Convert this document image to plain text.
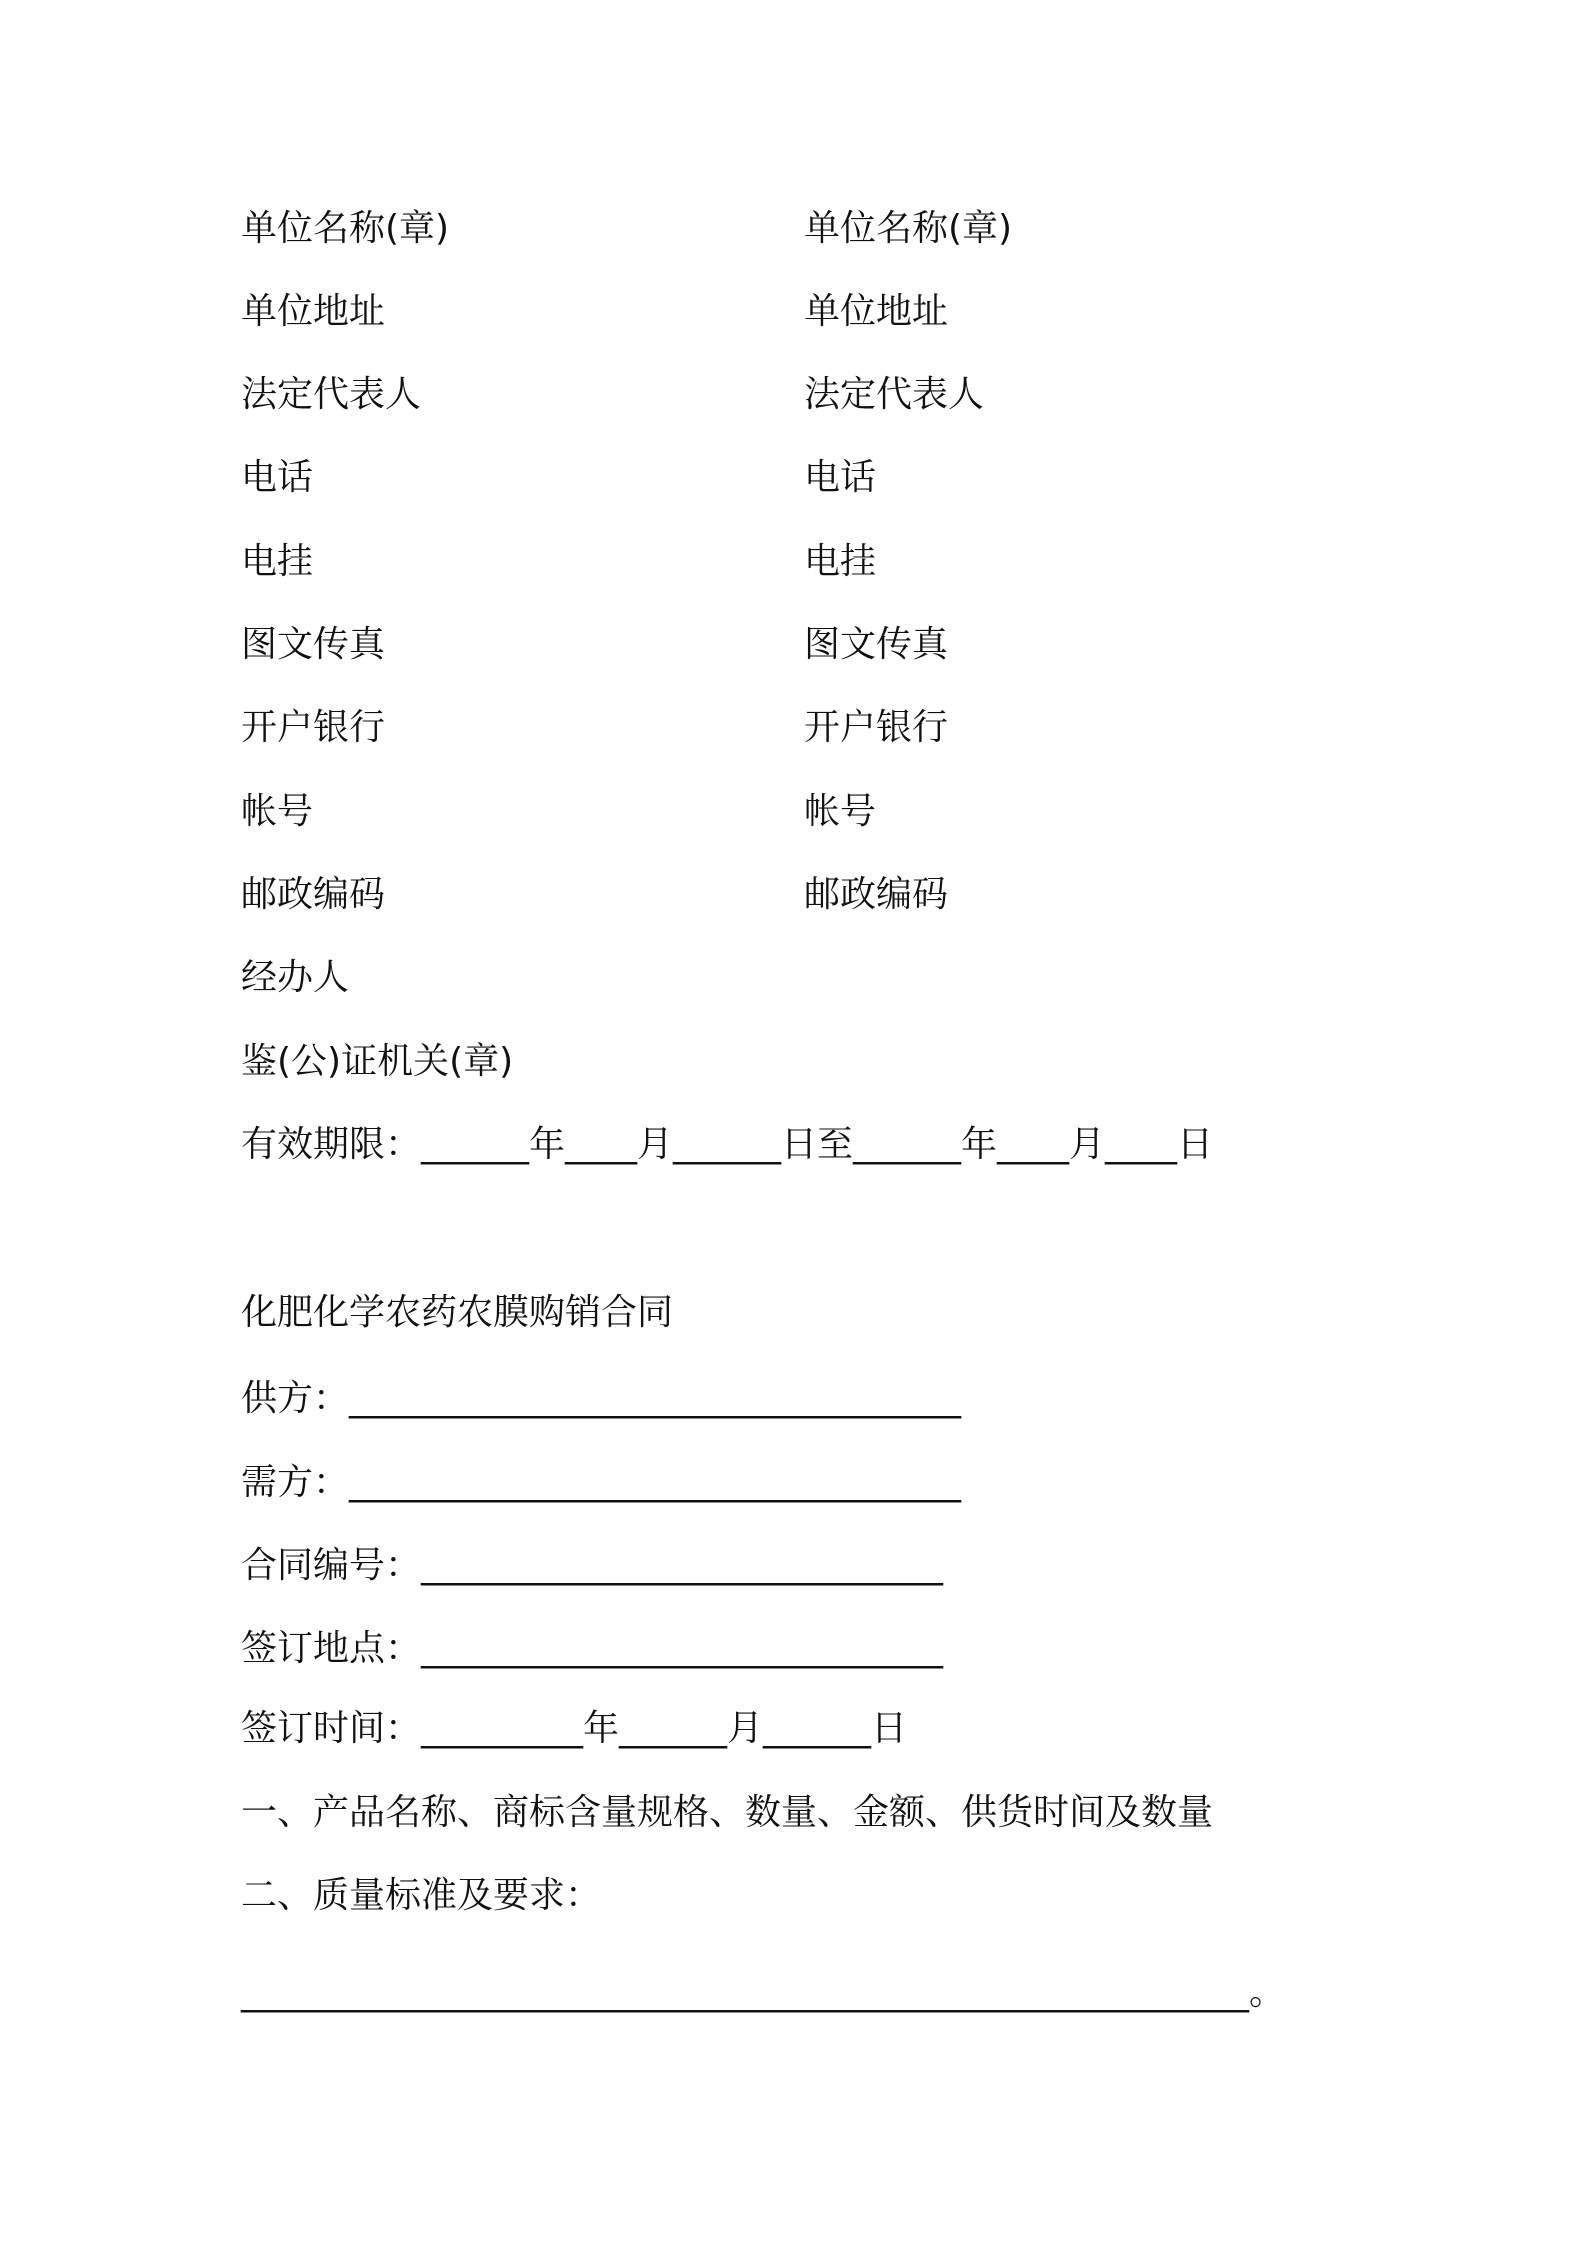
单位名称(章)	单位名称(章)
单位地址	单位地址
法定代表人	法定代表人
电话	电话
电挂	电挂
图文传真	图文传真
开户银行	开户银行
帐号	帐号
邮政编码	邮政编码
经办人
鉴(公)证机关(章)
有效期限：______年____月______日至______年____月____日
化肥化学农药农膜购销合同
供方：__________________________________
需方：__________________________________
合同编号：_____________________________
签订地点：_____________________________
签订时间：_________年______月______日
一、产品名称、商标含量规格、数量、金额、供货时间及数量
二、质量标准及要求：
________________________________________________________。
